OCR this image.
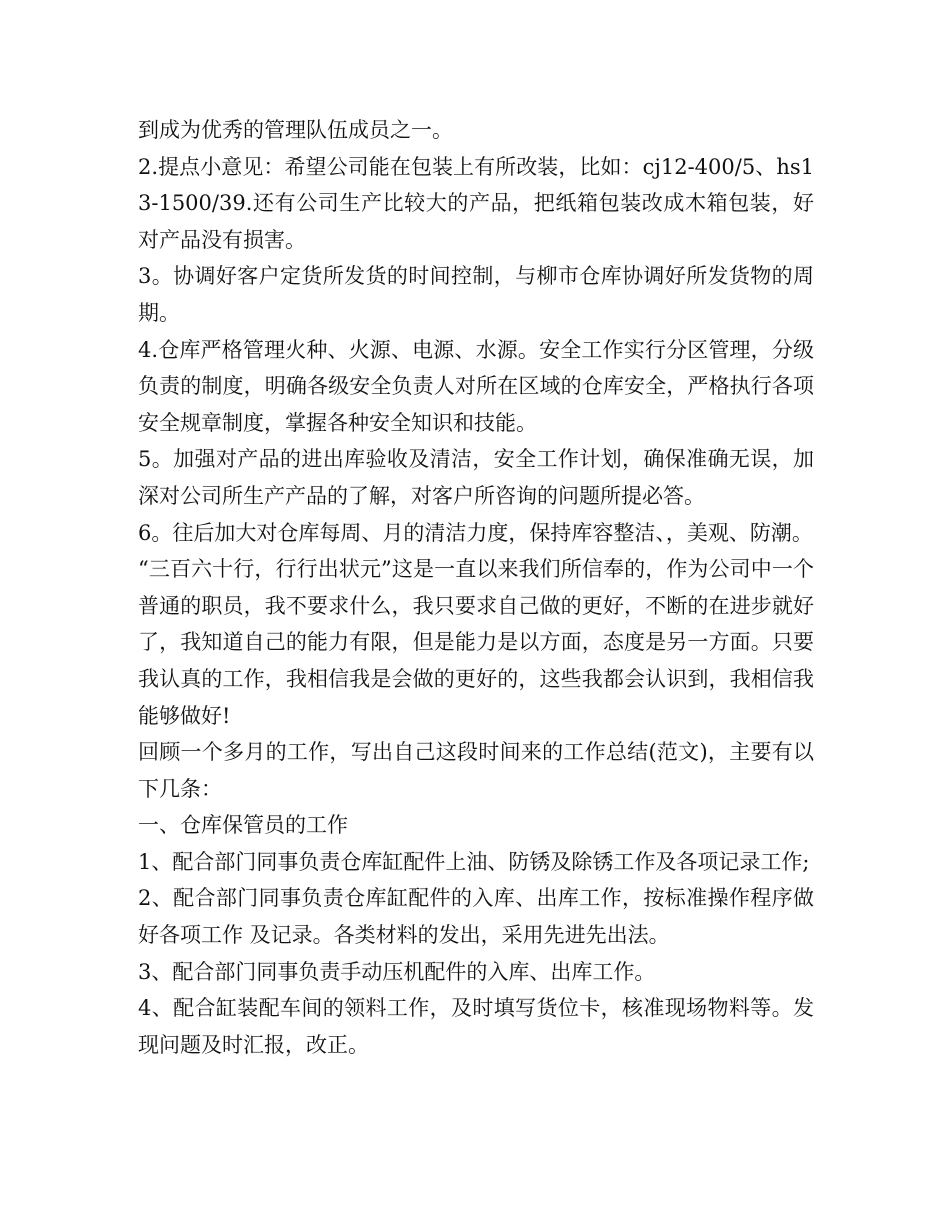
到成为优秀的管理队伍成员之一。

2.提点小意见：希望公司能在包装上有所改装，比如：cj12-400/5、hs13-1500/39.还有公司生产比较大的产品，把纸箱包装改成木箱包装，好对产品没有损害。

3。协调好客户定货所发货的时间控制，与柳市仓库协调好所发货物的周期。

4.仓库严格管理火种、火源、电源、水源。安全工作实行分区管理，分级负责的制度，明确各级安全负责人对所在区域的仓库安全，严格执行各项安全规章制度，掌握各种安全知识和技能。

5。加强对产品的进出库验收及清洁，安全工作计划，确保准确无误，加深对公司所生产产品的了解，对客户所咨询的问题所提必答。

6。往后加大对仓库每周、月的清洁力度，保持库容整洁、，美观、防潮。

“三百六十行，行行出状元”这是一直以来我们所信奉的，作为公司中一个普通的职员，我不要求什么，我只要求自己做的更好，不断的在进步就好了，我知道自己的能力有限，但是能力是以方面，态度是另一方面。只要我认真的工作，我相信我是会做的更好的，这些我都会认识到，我相信我能够做好!

回顾一个多月的工作，写出自己这段时间来的工作总结(范文)，主要有以下几条：

一、仓库保管员的工作

1、配合部门同事负责仓库缸配件上油、防锈及除锈工作及各项记录工作;

2、配合部门同事负责仓库缸配件的入库、出库工作，按标准操作程序做好各项工作 及记录。各类材料的发出，采用先进先出法。

3、配合部门同事负责手动压机配件的入库、出库工作。

4、配合缸装配车间的领料工作，及时填写货位卡，核准现场物料等。发现问题及时汇报，改正。
